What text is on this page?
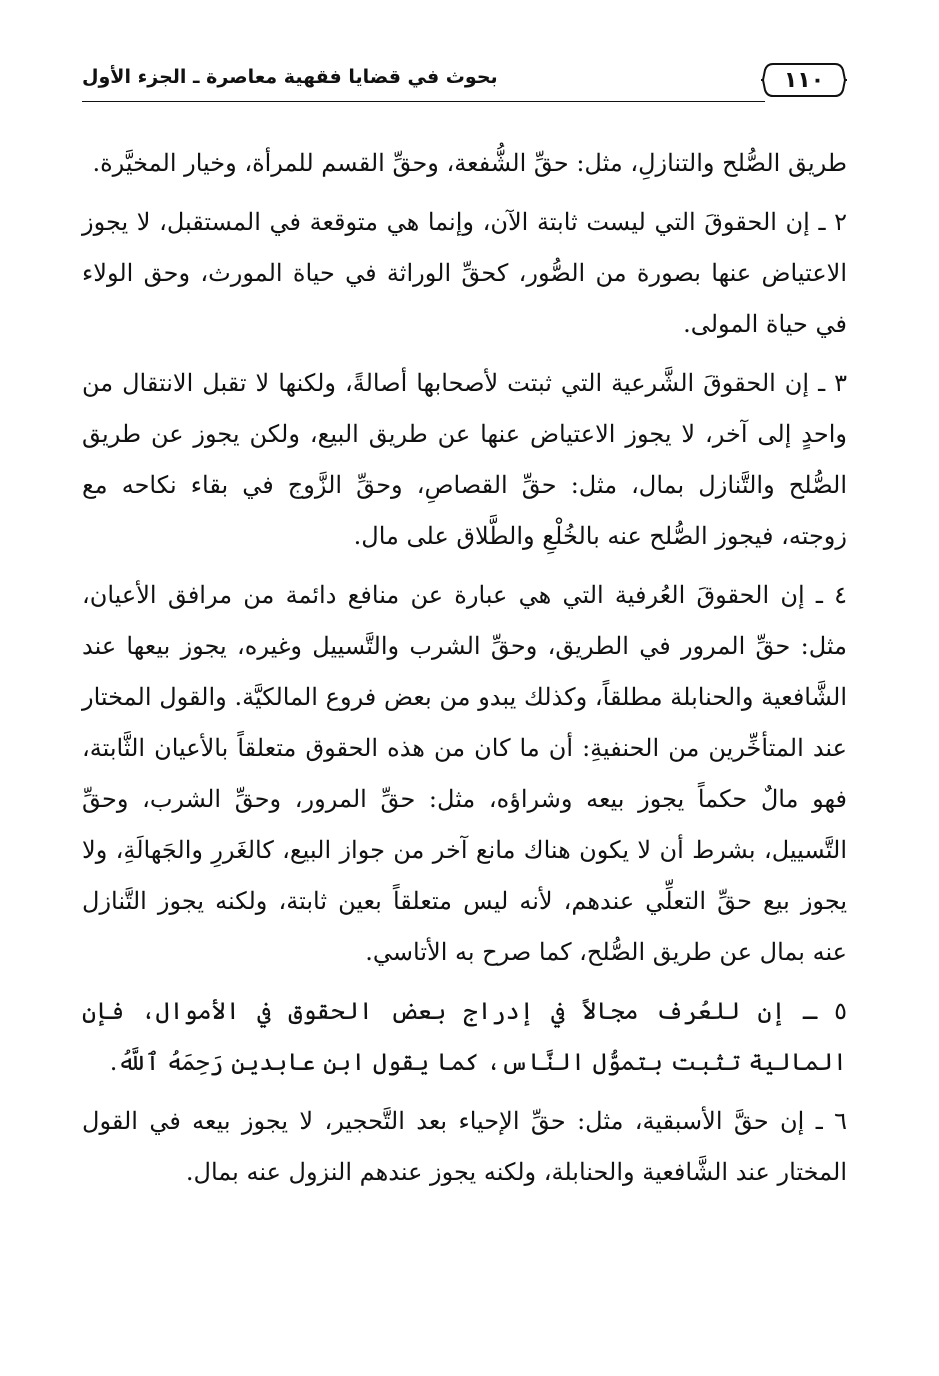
١١٠
بحوث في قضايا فقهية معاصرة ـ الجزء الأول

طريق الصُّلح والتنازلِ، مثل: حقِّ الشُّفعة، وحقِّ القسم للمرأة، وخيار المخيَّرة.

٢ ـ إن الحقوقَ التي ليست ثابتة الآن، وإنما هي متوقعة في المستقبل، لا يجوز الاعتياض عنها بصورة من الصُّور، كحقِّ الوراثة في حياة المورث، وحق الولاء في حياة المولى.

٣ ـ إن الحقوقَ الشَّرعية التي ثبتت لأصحابها أصالةً، ولكنها لا تقبل الانتقال من واحدٍ إلى آخر، لا يجوز الاعتياض عنها عن طريق البيع، ولكن يجوز عن طريق الصُّلح والتَّنازل بمال، مثل: حقِّ القصاصِ، وحقِّ الزَّوج في بقاء نكاحه مع زوجته، فيجوز الصُّلح عنه بالخُلْعِ والطَّلاق على مال.

٤ ـ إن الحقوقَ العُرفية التي هي عبارة عن منافع دائمة من مرافق الأعيان، مثل: حقِّ المرور في الطريق، وحقِّ الشرب والتَّسييل وغيره، يجوز بيعها عند الشَّافعية والحنابلة مطلقاً، وكذلك يبدو من بعض فروع المالكيَّة. والقول المختار عند المتأخِّرين من الحنفيةِ: أن ما كان من هذه الحقوق متعلقاً بالأعيان الثَّابتة، فهو مالٌ حكماً يجوز بيعه وشراؤه، مثل: حقِّ المرور، وحقِّ الشرب، وحقِّ التَّسييل، بشرط أن لا يكون هناك مانع آخر من جواز البيع، كالغَررِ والجَهالَةِ، ولا يجوز بيع حقِّ التعلِّي عندهم، لأنه ليس متعلقاً بعين ثابتة، ولكنه يجوز التَّنازل عنه بمال عن طريق الصُّلح، كما صرح به الأتاسي.

٥ ـ إن للعُرف مجالاً في إدراج بعض الحقوق في الأموال، فإن المالية تثبت بتموُّل النَّاس، كما يقول ابن عابدين رَحِمَهُ ٱللَّهُ.

٦ ـ إن حقَّ الأسبقية، مثل: حقِّ الإحياء بعد التَّحجير، لا يجوز بيعه في القول المختار عند الشَّافعية والحنابلة، ولكنه يجوز عندهم النزول عنه بمال.
